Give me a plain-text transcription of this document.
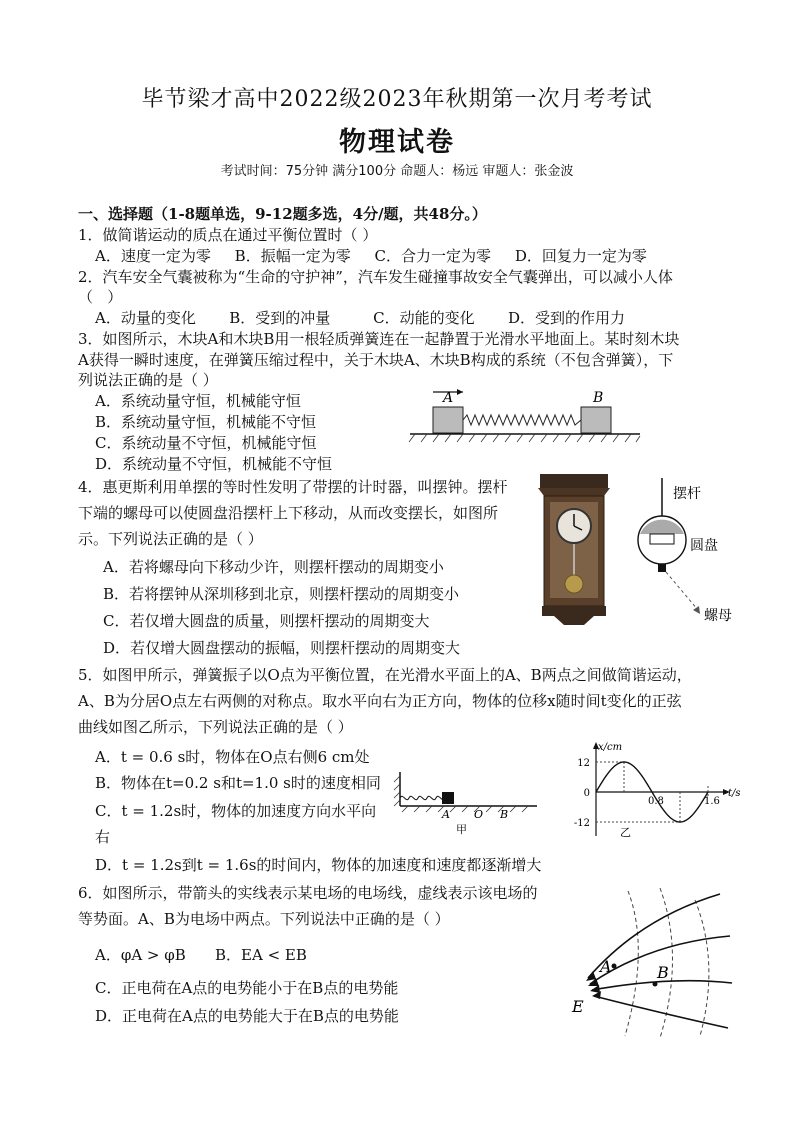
毕节梁才高中2022级2023年秋期第一次月考考试
物理试卷
考试时间：75分钟 满分100分 命题人：杨远 审题人：张金波
一、选择题（1-8题单选，9-12题多选，4分/题，共48分。）
1．做简谐运动的质点在通过平衡位置时（ ）
A．速度一定为零     B．振幅一定为零     C．合力一定为零     D．回复力一定为零
2．汽车安全气囊被称为“生命的守护神”，汽车发生碰撞事故安全气囊弹出，可以减小人体
（   ）
A．动量的变化       B．受到的冲量         C．动能的变化       D．受到的作用力
3．如图所示，木块A和木块B用一根轻质弹簧连在一起静置于光滑水平地面上。某时刻木块
A获得一瞬时速度，在弹簧压缩过程中，关于木块A、木块B构成的系统（不包含弹簧），下
列说法正确的是（ ）
A．系统动量守恒，机械能守恒
B．系统动量守恒，机械能不守恒
C．系统动量不守恒，机械能守恒
D．系统动量不守恒，机械能不守恒
A	B
4．惠更斯利用单摆的等时性发明了带摆的计时器，叫摆钟。摆杆
下端的螺母可以使圆盘沿摆杆上下移动，从而改变摆长，如图所
示。下列说法正确的是（ ）
A．若将螺母向下移动少许，则摆杆摆动的周期变小
B．若将摆钟从深圳移到北京，则摆杆摆动的周期变小
C．若仅增大圆盘的质量，则摆杆摆动的周期变大
D．若仅增大圆盘摆动的振幅，则摆杆摆动的周期变大
摆杆
圆盘
螺母
5．如图甲所示，弹簧振子以O点为平衡位置，在光滑水平面上的A、B两点之间做简谐运动，
A、B为分居O点左右两侧的对称点。取水平向右为正方向，物体的位移x随时间t变化的正弦
曲线如图乙所示，下列说法正确的是（ ）
A．t = 0.6 s时，物体在O点右侧6 cm处
B．物体在t=0.2 s和t=1.0 s时的速度相同
C．t = 1.2s时，物体的加速度方向水平向
右
D．t = 1.2s到t = 1.6s的时间内，物体的加速度和速度都逐渐增大
A O B
甲
x/cm
t/s
12
0
-12
0.8	1.6
乙
6．如图所示，带箭头的实线表示某电场的电场线，虚线表示该电场的
等势面。A、B为电场中两点。下列说法中正确的是（ ）
A．φA > φB B．EA < EB
C．正电荷在A点的电势能小于在B点的电势能
D．正电荷在A点的电势能大于在B点的电势能
A	B
E
